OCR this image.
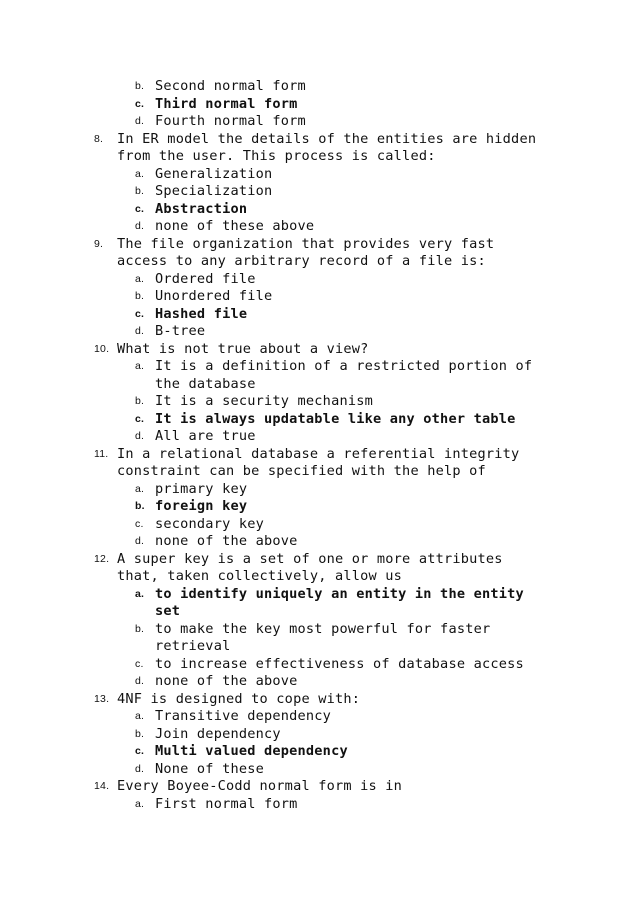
b. Second normal form
c. Third normal form
d. Fourth normal form
8. In ER model the details of the entities are hidden
from the user. This process is called:
a. Generalization
b. Specialization
c. Abstraction
d. none of these above
9. The file organization that provides very fast
access to any arbitrary record of a file is:
a. Ordered file
b. Unordered file
c. Hashed file
d. B-tree
10. What is not true about a view?
a. It is a definition of a restricted portion of
the database
b. It is a security mechanism
c. It is always updatable like any other table
d. All are true
11. In a relational database a referential integrity
constraint can be specified with the help of
a. primary key
b. foreign key
c. secondary key
d. none of the above
12. A super key is a set of one or more attributes
that, taken collectively, allow us
a. to identify uniquely an entity in the entity
set
b. to make the key most powerful for faster
retrieval
c. to increase effectiveness of database access
d. none of the above
13. 4NF is designed to cope with:
a. Transitive dependency
b. Join dependency
c. Multi valued dependency
d. None of these
14. Every Boyee-Codd normal form is in
a. First normal form
